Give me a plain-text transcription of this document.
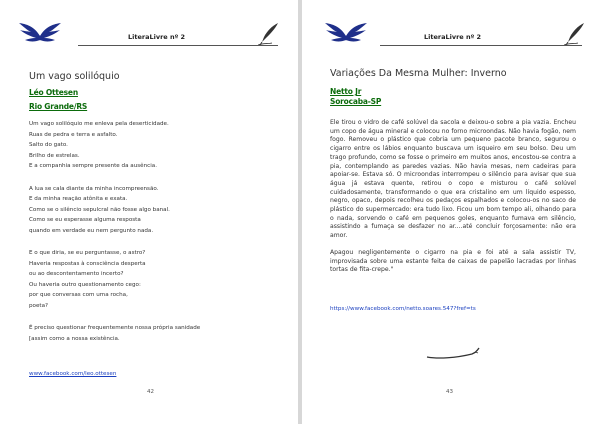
LiteraLivre nº 2
Um vago solilóquio
Léo Ottesen
Rio Grande/RS
Um vago solilóquio me enleva pela deserticidade.
Ruas de pedra e terra e asfalto.
Salto do gato.
Brilho de estrelas.
E a companhia sempre presente da ausência.
A lua se cala diante da minha incompreensão.
E da minha reação atônita e exata.
Como se o silêncio sepulcral não fosse algo banal.
Como se eu esperasse alguma resposta
quando em verdade eu nem pergunto nada.
E o que diria, se eu perguntasse, o astro?
Haveria respostas à consciência desperta
ou ao descontentamento incerto?
Ou haveria outro questionamento cego:
por que conversas com uma rocha,
poeta?
É preciso questionar frequentemente nossa própria sanidade
[assim como a nossa existência.
www.facebook.com/leo.ottesen
42
LiteraLivre nº 2
Variações Da Mesma Mulher: Inverno
Netto Jr
Sorocaba-SP

Ele tirou o vidro de café solúvel da sacola e deixou-o sobre a pia vazia. Encheu um copo de água mineral e colocou no forno microondas. Não havia fogão, nem fogo. Removeu o plástico que cobria um pequeno pacote branco, segurou o cigarro entre os lábios enquanto buscava um isqueiro em seu bolso. Deu um trago profundo, como se fosse o primeiro em muitos anos, encostou-se contra a pia, contemplando as paredes vazias. Não havia mesas, nem cadeiras para apoiar-se. Estava só. O microondas interrompeu o silêncio para avisar que sua água já estava quente, retirou o copo e misturou o café solúvel cuidadosamente, transformando o que era cristalino em um líquido espesso, negro, opaco, depois recolheu os pedaços espalhados e colocou-os no saco de plástico do supermercado: era tudo lixo. Ficou um bom tempo ali, olhando para o nada, sorvendo o café em pequenos goles, enquanto fumava em silêncio, assistindo a fumaça se desfazer no ar....até concluir forçosamente: não era amor.

Apagou negligentemente o cigarro na pia e foi até a sala assistir TV, improvisada sobre uma estante feita de caixas de papelão lacradas por linhas tortas de fita-crepe."

https://www.facebook.com/netto.soares.547?fref=ts
43
